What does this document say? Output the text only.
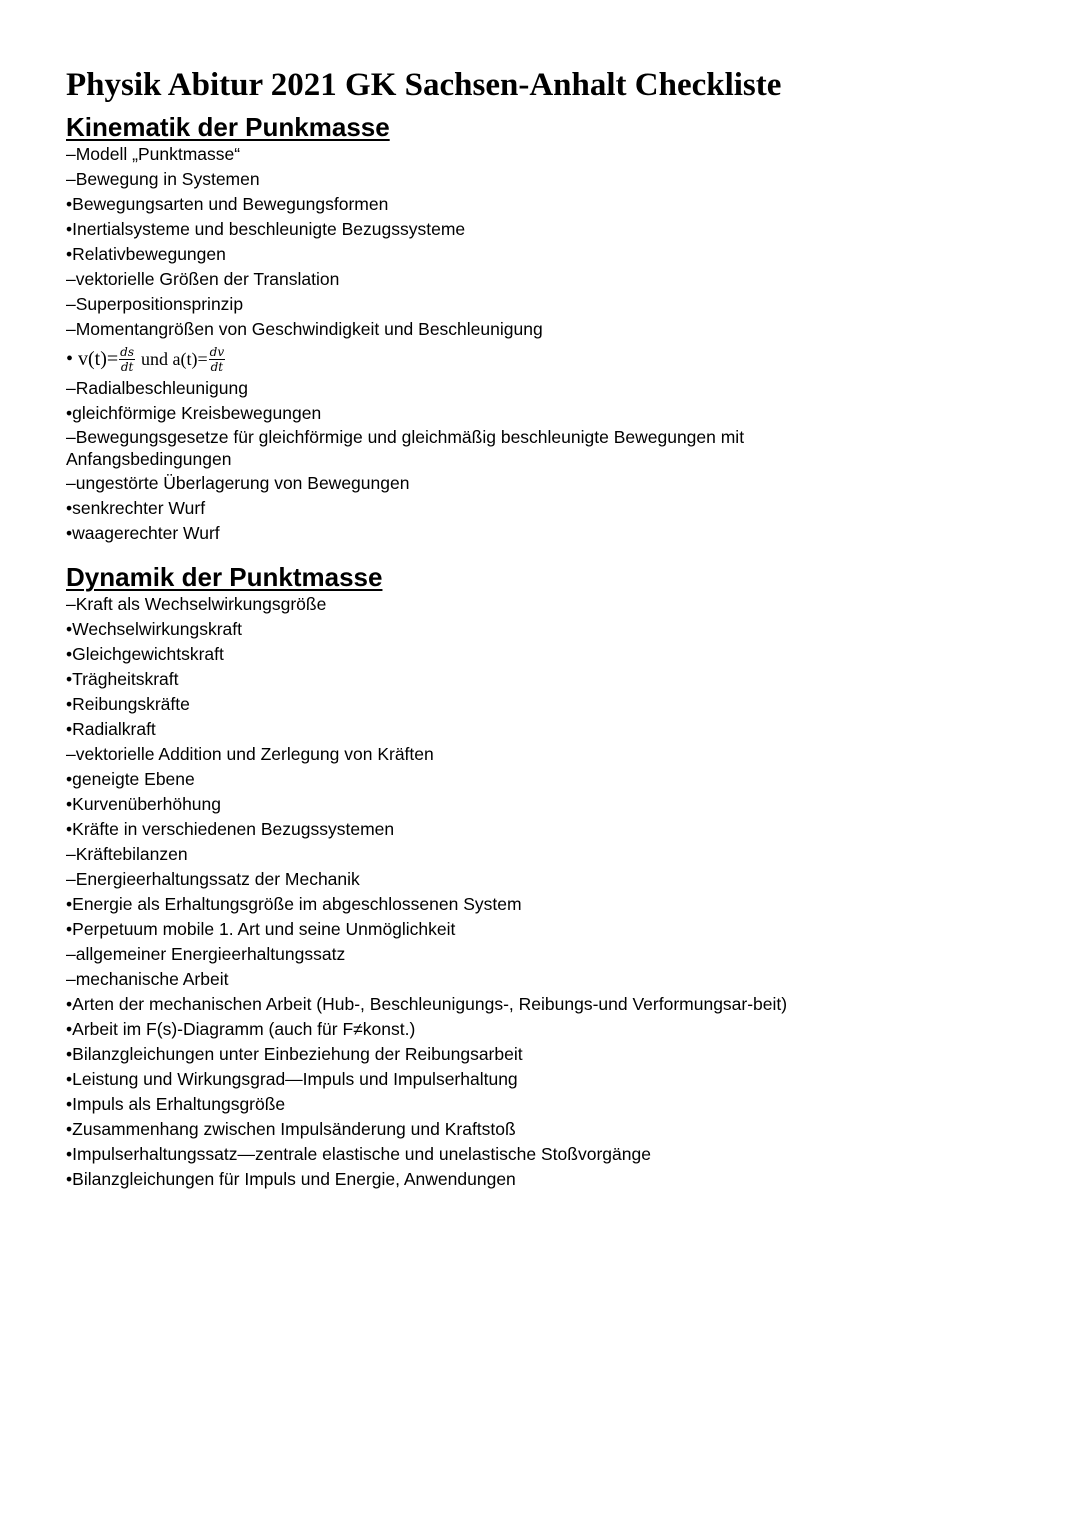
Physik Abitur 2021 GK Sachsen-Anhalt Checkliste
Kinematik der Punkmasse
–Modell „Punktmasse“
–Bewegung in Systemen
•Bewegungsarten und Bewegungsformen
•Inertialsysteme und beschleunigte Bezugssysteme
•Relativbewegungen
–vektorielle Größen der Translation
–Superpositionsprinzip
–Momentangrößen von Geschwindigkeit und Beschleunigung
• $v(t)= \frac{ds}{dt}$ und $a(t)= \frac{dv}{dt}$
–Radialbeschleunigung
•gleichförmige Kreisbewegungen
–Bewegungsgesetze für gleichförmige und gleichmäßig beschleunigte Bewegungen mit Anfangsbedingungen
–ungestörte Überlagerung von Bewegungen
•senkrechter Wurf
•waagerechter Wurf
Dynamik der Punktmasse
–Kraft als Wechselwirkungsgröße
•Wechselwirkungskraft
•Gleichgewichtskraft
•Trägheitskraft
•Reibungskräfte
•Radialkraft
–vektorielle Addition und Zerlegung von Kräften
•geneigte Ebene
•Kurvenüberhöhung
•Kräfte in verschiedenen Bezugssystemen
–Kräftebilanzen
–Energieerhaltungssatz der Mechanik
•Energie als Erhaltungsgröße im abgeschlossenen System
•Perpetuum mobile 1. Art und seine Unmöglichkeit
–allgemeiner Energieerhaltungssatz
–mechanische Arbeit
•Arten der mechanischen Arbeit (Hub-, Beschleunigungs-, Reibungs-und Verformungsar-beit)
•Arbeit im F(s)-Diagramm (auch für F≠konst.)
•Bilanzgleichungen unter Einbeziehung der Reibungsarbeit
•Leistung und Wirkungsgrad—Impuls und Impulserhaltung
•Impuls als Erhaltungsgröße
•Zusammenhang zwischen Impulsänderung und Kraftstoß
•Impulserhaltungssatz—zentrale elastische und unelastische Stoßvorgänge
•Bilanzgleichungen für Impuls und Energie, Anwendungen
